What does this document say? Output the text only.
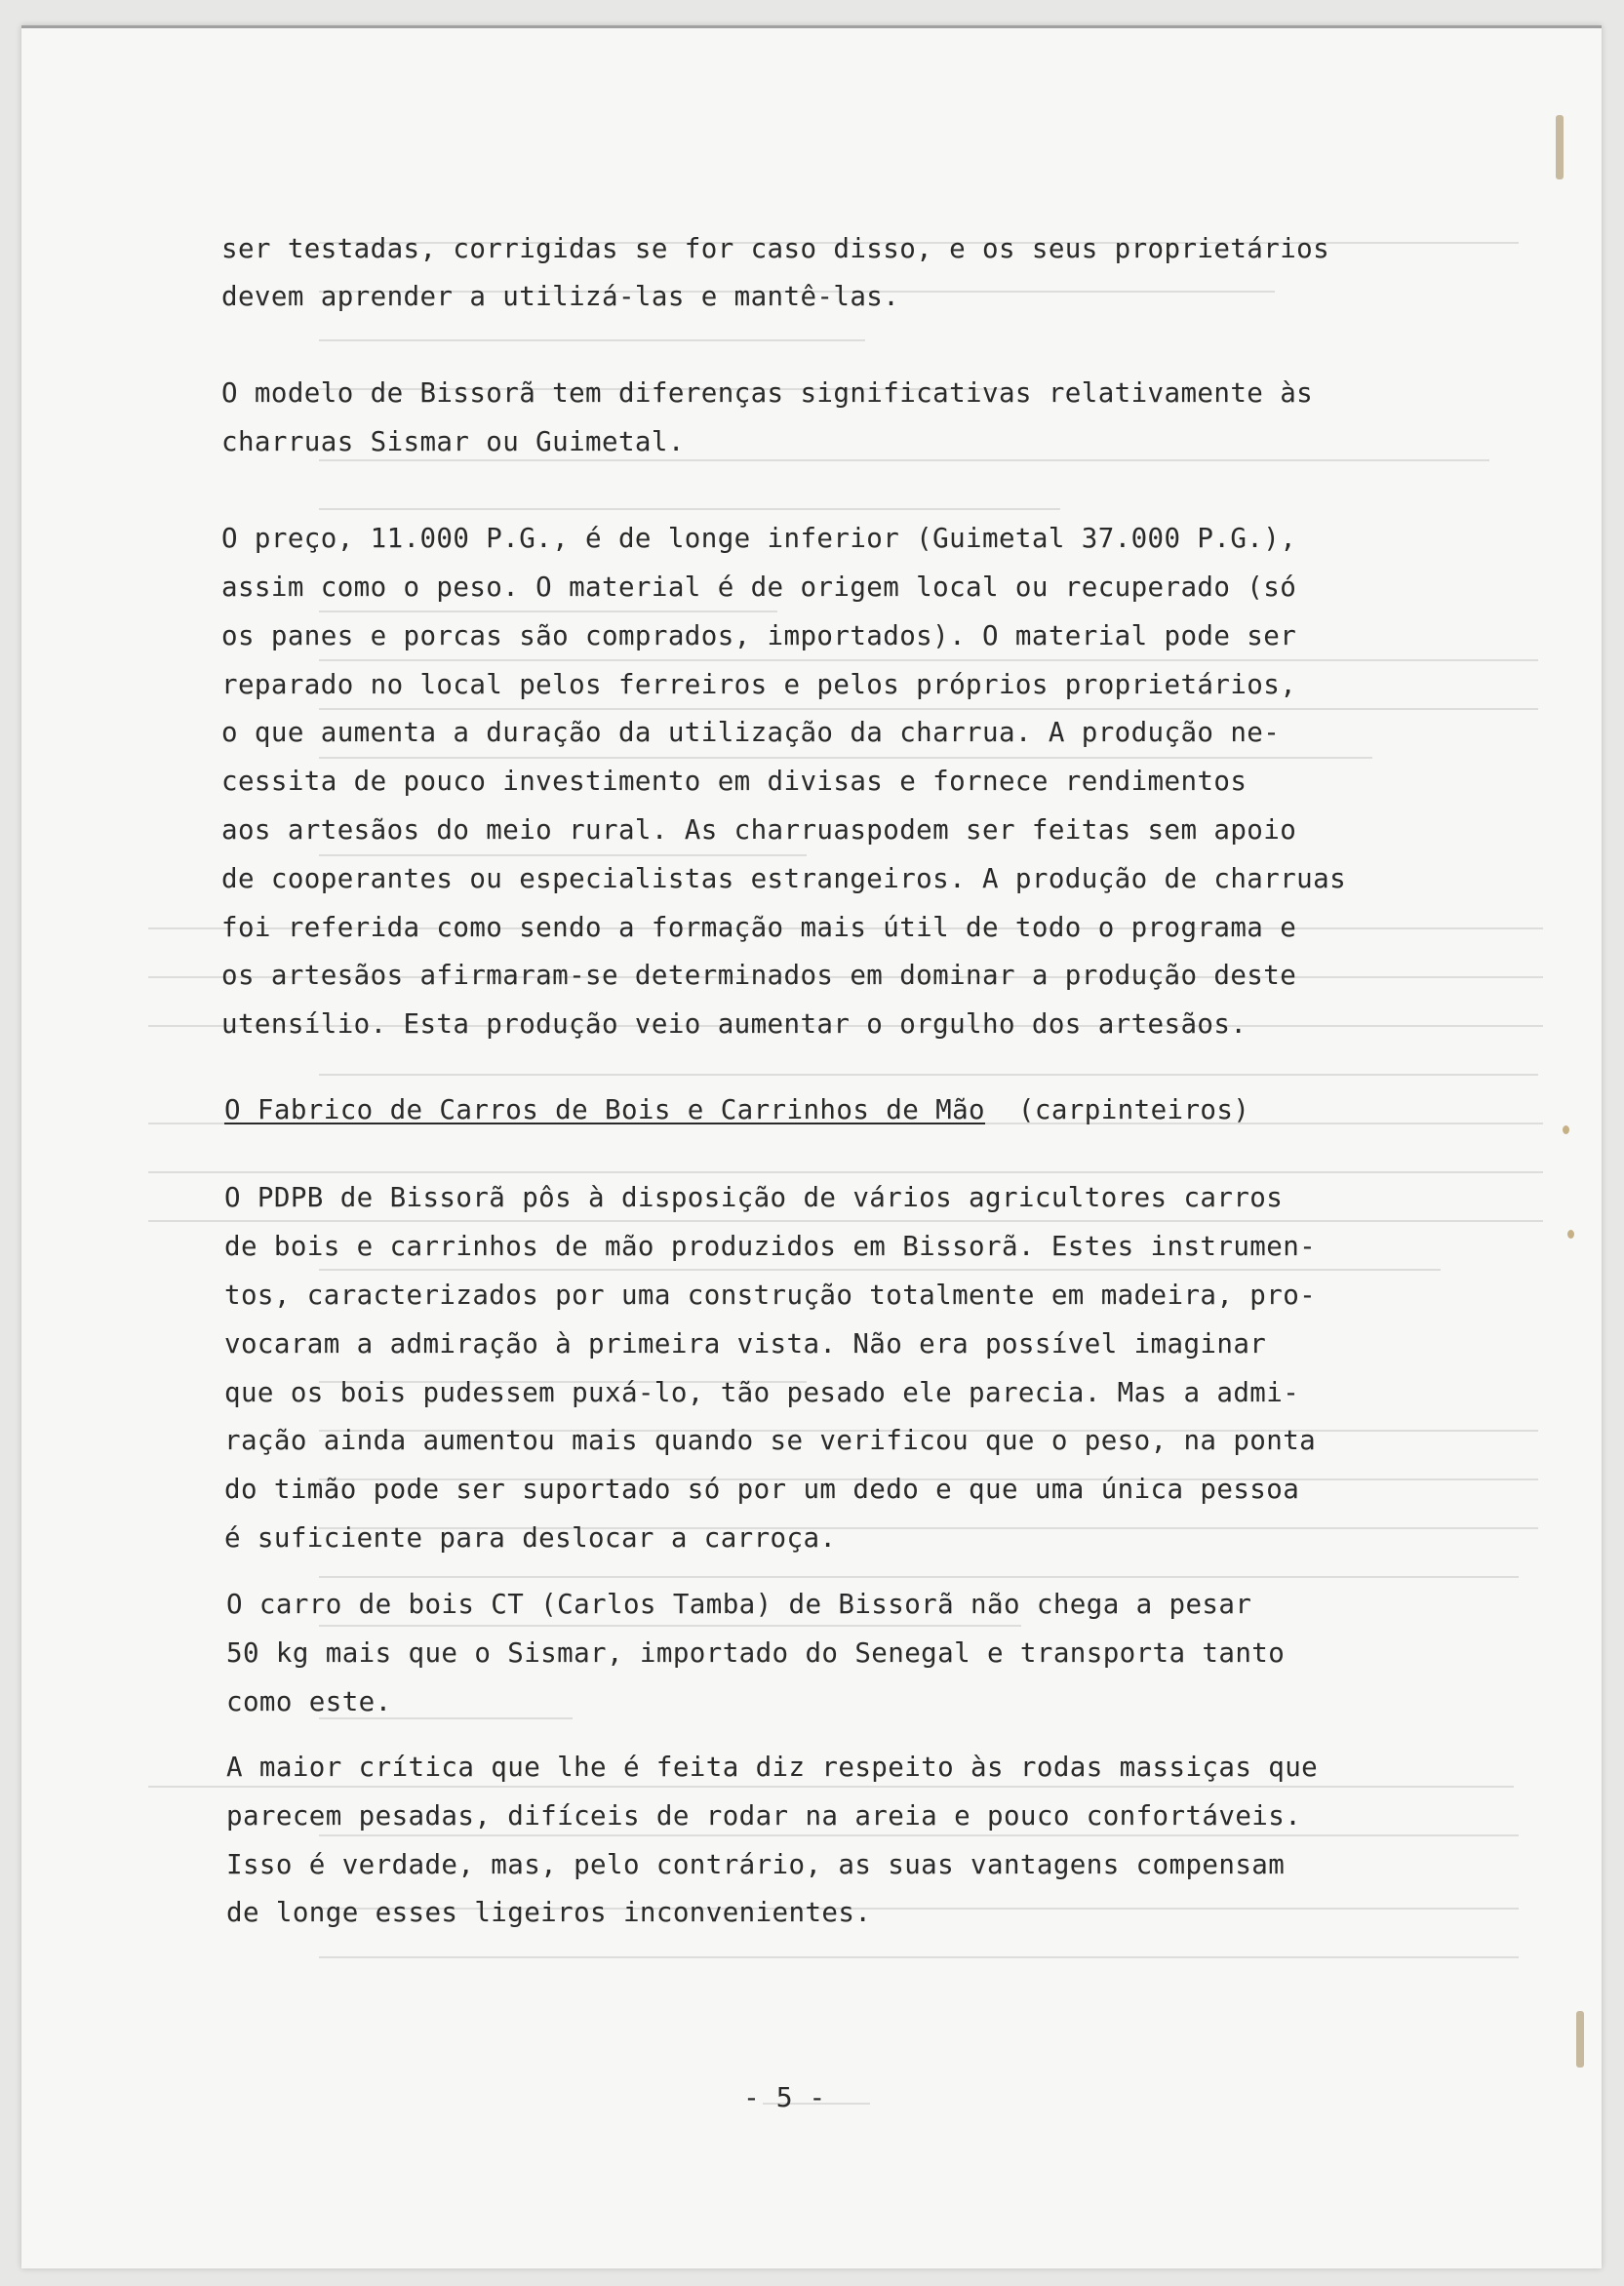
ser testadas, corrigidas se for caso disso, e os seus proprietários
devem aprender a utilizá-las e mantê-las.
O modelo de Bissorã tem diferenças significativas relativamente às
charruas Sismar ou Guimetal.
O preço, 11.000 P.G., é de longe inferior (Guimetal 37.000 P.G.),
assim como o peso. O material é de origem local ou recuperado (só
os panes e porcas são comprados, importados). O material pode ser
reparado no local pelos ferreiros e pelos próprios proprietários,
o que aumenta a duração da utilização da charrua. A produção ne-
cessita de pouco investimento em divisas e fornece rendimentos
aos artesãos do meio rural. As charruaspodem ser feitas sem apoio
de cooperantes ou especialistas estrangeiros. A produção de charruas
foi referida como sendo a formação mais útil de todo o programa e
os artesãos afirmaram-se determinados em dominar a produção deste
utensílio. Esta produção veio aumentar o orgulho dos artesãos.
O Fabrico de Carros de Bois e Carrinhos de Mão  (carpinteiros)
O PDPB de Bissorã pôs à disposição de vários agricultores carros
de bois e carrinhos de mão produzidos em Bissorã. Estes instrumen-
tos, caracterizados por uma construção totalmente em madeira, pro-
vocaram a admiração à primeira vista. Não era possível imaginar
que os bois pudessem puxá-lo, tão pesado ele parecia. Mas a admi-
ração ainda aumentou mais quando se verificou que o peso, na ponta
do timão pode ser suportado só por um dedo e que uma única pessoa
é suficiente para deslocar a carroça.
O carro de bois CT (Carlos Tamba) de Bissorã não chega a pesar
50 kg mais que o Sismar, importado do Senegal e transporta tanto
como este.
A maior crítica que lhe é feita diz respeito às rodas massiças que
parecem pesadas, difíceis de rodar na areia e pouco confortáveis.
Isso é verdade, mas, pelo contrário, as suas vantagens compensam
de longe esses ligeiros inconvenientes.
- 5 -
